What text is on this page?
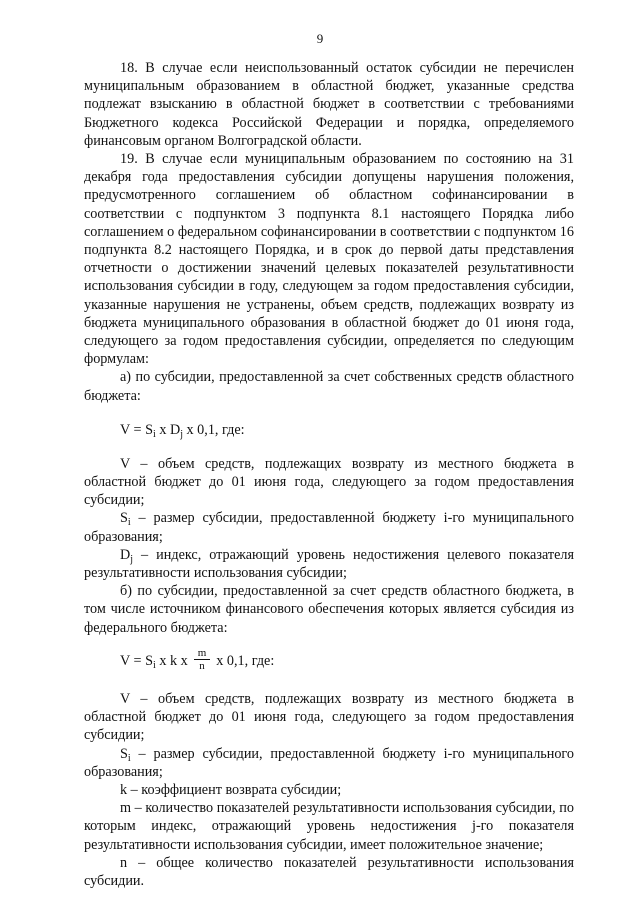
9

18. В случае если неиспользованный остаток субсидии не перечислен муниципальным образованием в областной бюджет, указанные средства подлежат взысканию в областной бюджет в соответствии с требованиями Бюджетного кодекса Российской Федерации и порядка, определяемого финансовым органом Волгоградской области.

19. В случае если муниципальным образованием по состоянию на 31 декабря года предоставления субсидии допущены нарушения положения, предусмотренного соглашением об областном софинансировании в соответствии с подпунктом 3 подпункта 8.1 настоящего Порядка либо соглашением о федеральном софинансировании в соответствии с подпунктом 16 подпункта 8.2 настоящего Порядка, и в срок до первой даты представления отчетности о достижении значений целевых показателей результативности использования субсидии в году, следующем за годом предоставления субсидии, указанные нарушения не устранены, объем средств, подлежащих возврату из бюджета муниципального образования в областной бюджет до 01 июня года, следующего за годом предоставления субсидии, определяется по следующим формулам:

а) по субсидии, предоставленной за счет собственных средств областного бюджета:

$V = S_i$ x $D_j$ x 0,1, где:

V – объем средств, подлежащих возврату из местного бюджета в областной бюджет до 01 июня года, следующего за годом предоставления субсидии;

$S_i$ – размер субсидии, предоставленной бюджету i-го муниципального образования;

$D_j$ – индекс, отражающий уровень недостижения целевого показателя результативности использования субсидии;

б) по субсидии, предоставленной за счет средств областного бюджета, в том числе источником финансового обеспечения которых является субсидия из федерального бюджета:

$V = S_i$ x k x $\frac{m}{n}$ x 0,1, где:

V – объем средств, подлежащих возврату из местного бюджета в областной бюджет до 01 июня года, следующего за годом предоставления субсидии;

$S_i$ – размер субсидии, предоставленной бюджету i-го муниципального образования;

k – коэффициент возврата субсидии;

m – количество показателей результативности использования субсидии, по которым индекс, отражающий уровень недостижения j-го показателя результативности использования субсидии, имеет положительное значение;

n – общее количество показателей результативности использования субсидии.
